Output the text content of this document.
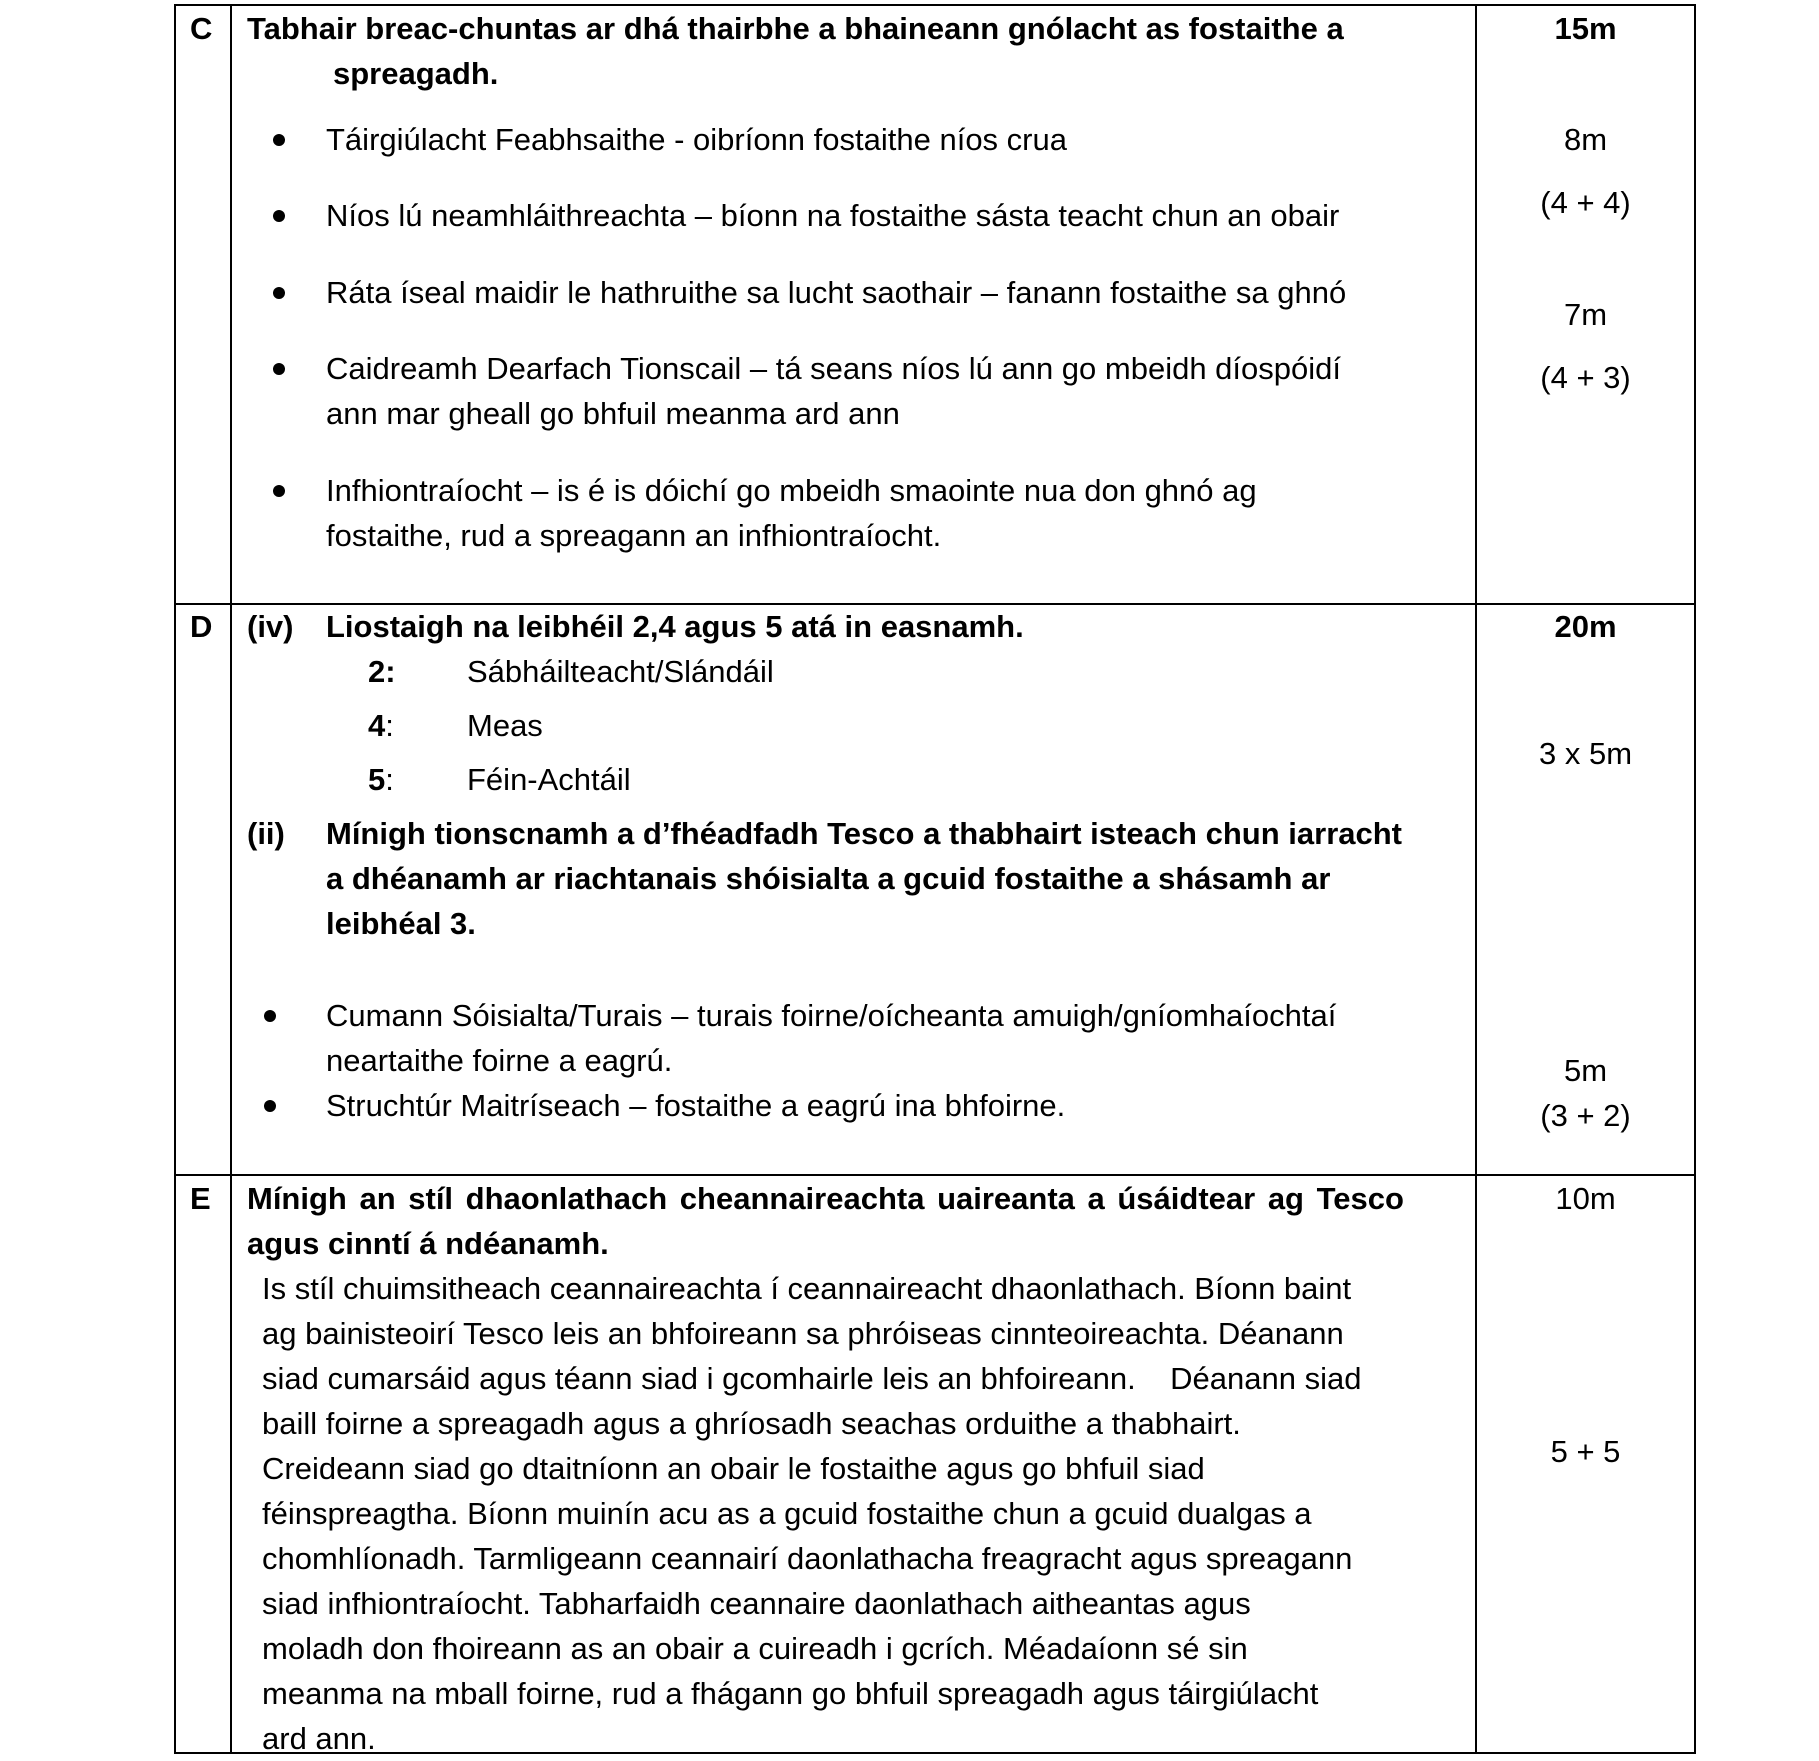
C Tabhair breac-chuntas ar dhá thairbhe a bhaineann gnólacht as fostaithe a
spreagadh.
Táirgiúlacht Feabhsaithe - oibríonn fostaithe níos crua
Níos lú neamhláithreachta – bíonn na fostaithe sásta teacht chun an obair
Ráta íseal maidir le hathruithe sa lucht saothair – fanann fostaithe sa ghnó
Caidreamh Dearfach Tionscail – tá seans níos lú ann go mbeidh díospóidí
ann mar gheall go bhfuil meanma ard ann
Infhiontraíocht – is é is dóichí go mbeidh smaointe nua don ghnó ag
fostaithe, rud a spreagann an infhiontraíocht.
15m
8m
(4 + 4)
7m
(4 + 3)
D (iv) Liostaigh na leibhéil 2,4 agus 5 atá in easnamh.
2: Sábháilteacht/Slándáil
4: Meas
5: Féin-Achtáil
(ii) Mínigh tionscnamh a d’fhéadfadh Tesco a thabhairt isteach chun iarracht
a dhéanamh ar riachtanais shóisialta a gcuid fostaithe a shásamh ar
leibhéal 3.
Cumann Sóisialta/Turais – turais foirne/oícheanta amuigh/gníomhaíochtaí
neartaithe foirne a eagrú.
Struchtúr Maitríseach – fostaithe a eagrú ina bhfoirne.
20m
3 x 5m
5m
(3 + 2)
E Mínigh an stíl dhaonlathach cheannaireachta uaireanta a úsáidtear ag Tesco
agus cinntí á ndéanamh.
Is stíl chuimsitheach ceannaireachta í ceannaireacht dhaonlathach. Bíonn baint
ag bainisteoirí Tesco leis an bhfoireann sa phróiseas cinnteoireachta. Déanann
siad cumarsáid agus téann siad i gcomhairle leis an bhfoireann.    Déanann siad
baill foirne a spreagadh agus a ghríosadh seachas orduithe a thabhairt.
Creideann siad go dtaitníonn an obair le fostaithe agus go bhfuil siad
féinspreagtha. Bíonn muinín acu as a gcuid fostaithe chun a gcuid dualgas a
chomhlíonadh. Tarmligeann ceannairí daonlathacha freagracht agus spreagann
siad infhiontraíocht. Tabharfaidh ceannaire daonlathach aitheantas agus
moladh don fhoireann as an obair a cuireadh i gcrích. Méadaíonn sé sin
meanma na mball foirne, rud a fhágann go bhfuil spreagadh agus táirgiúlacht
ard ann.
10m
5 + 5
